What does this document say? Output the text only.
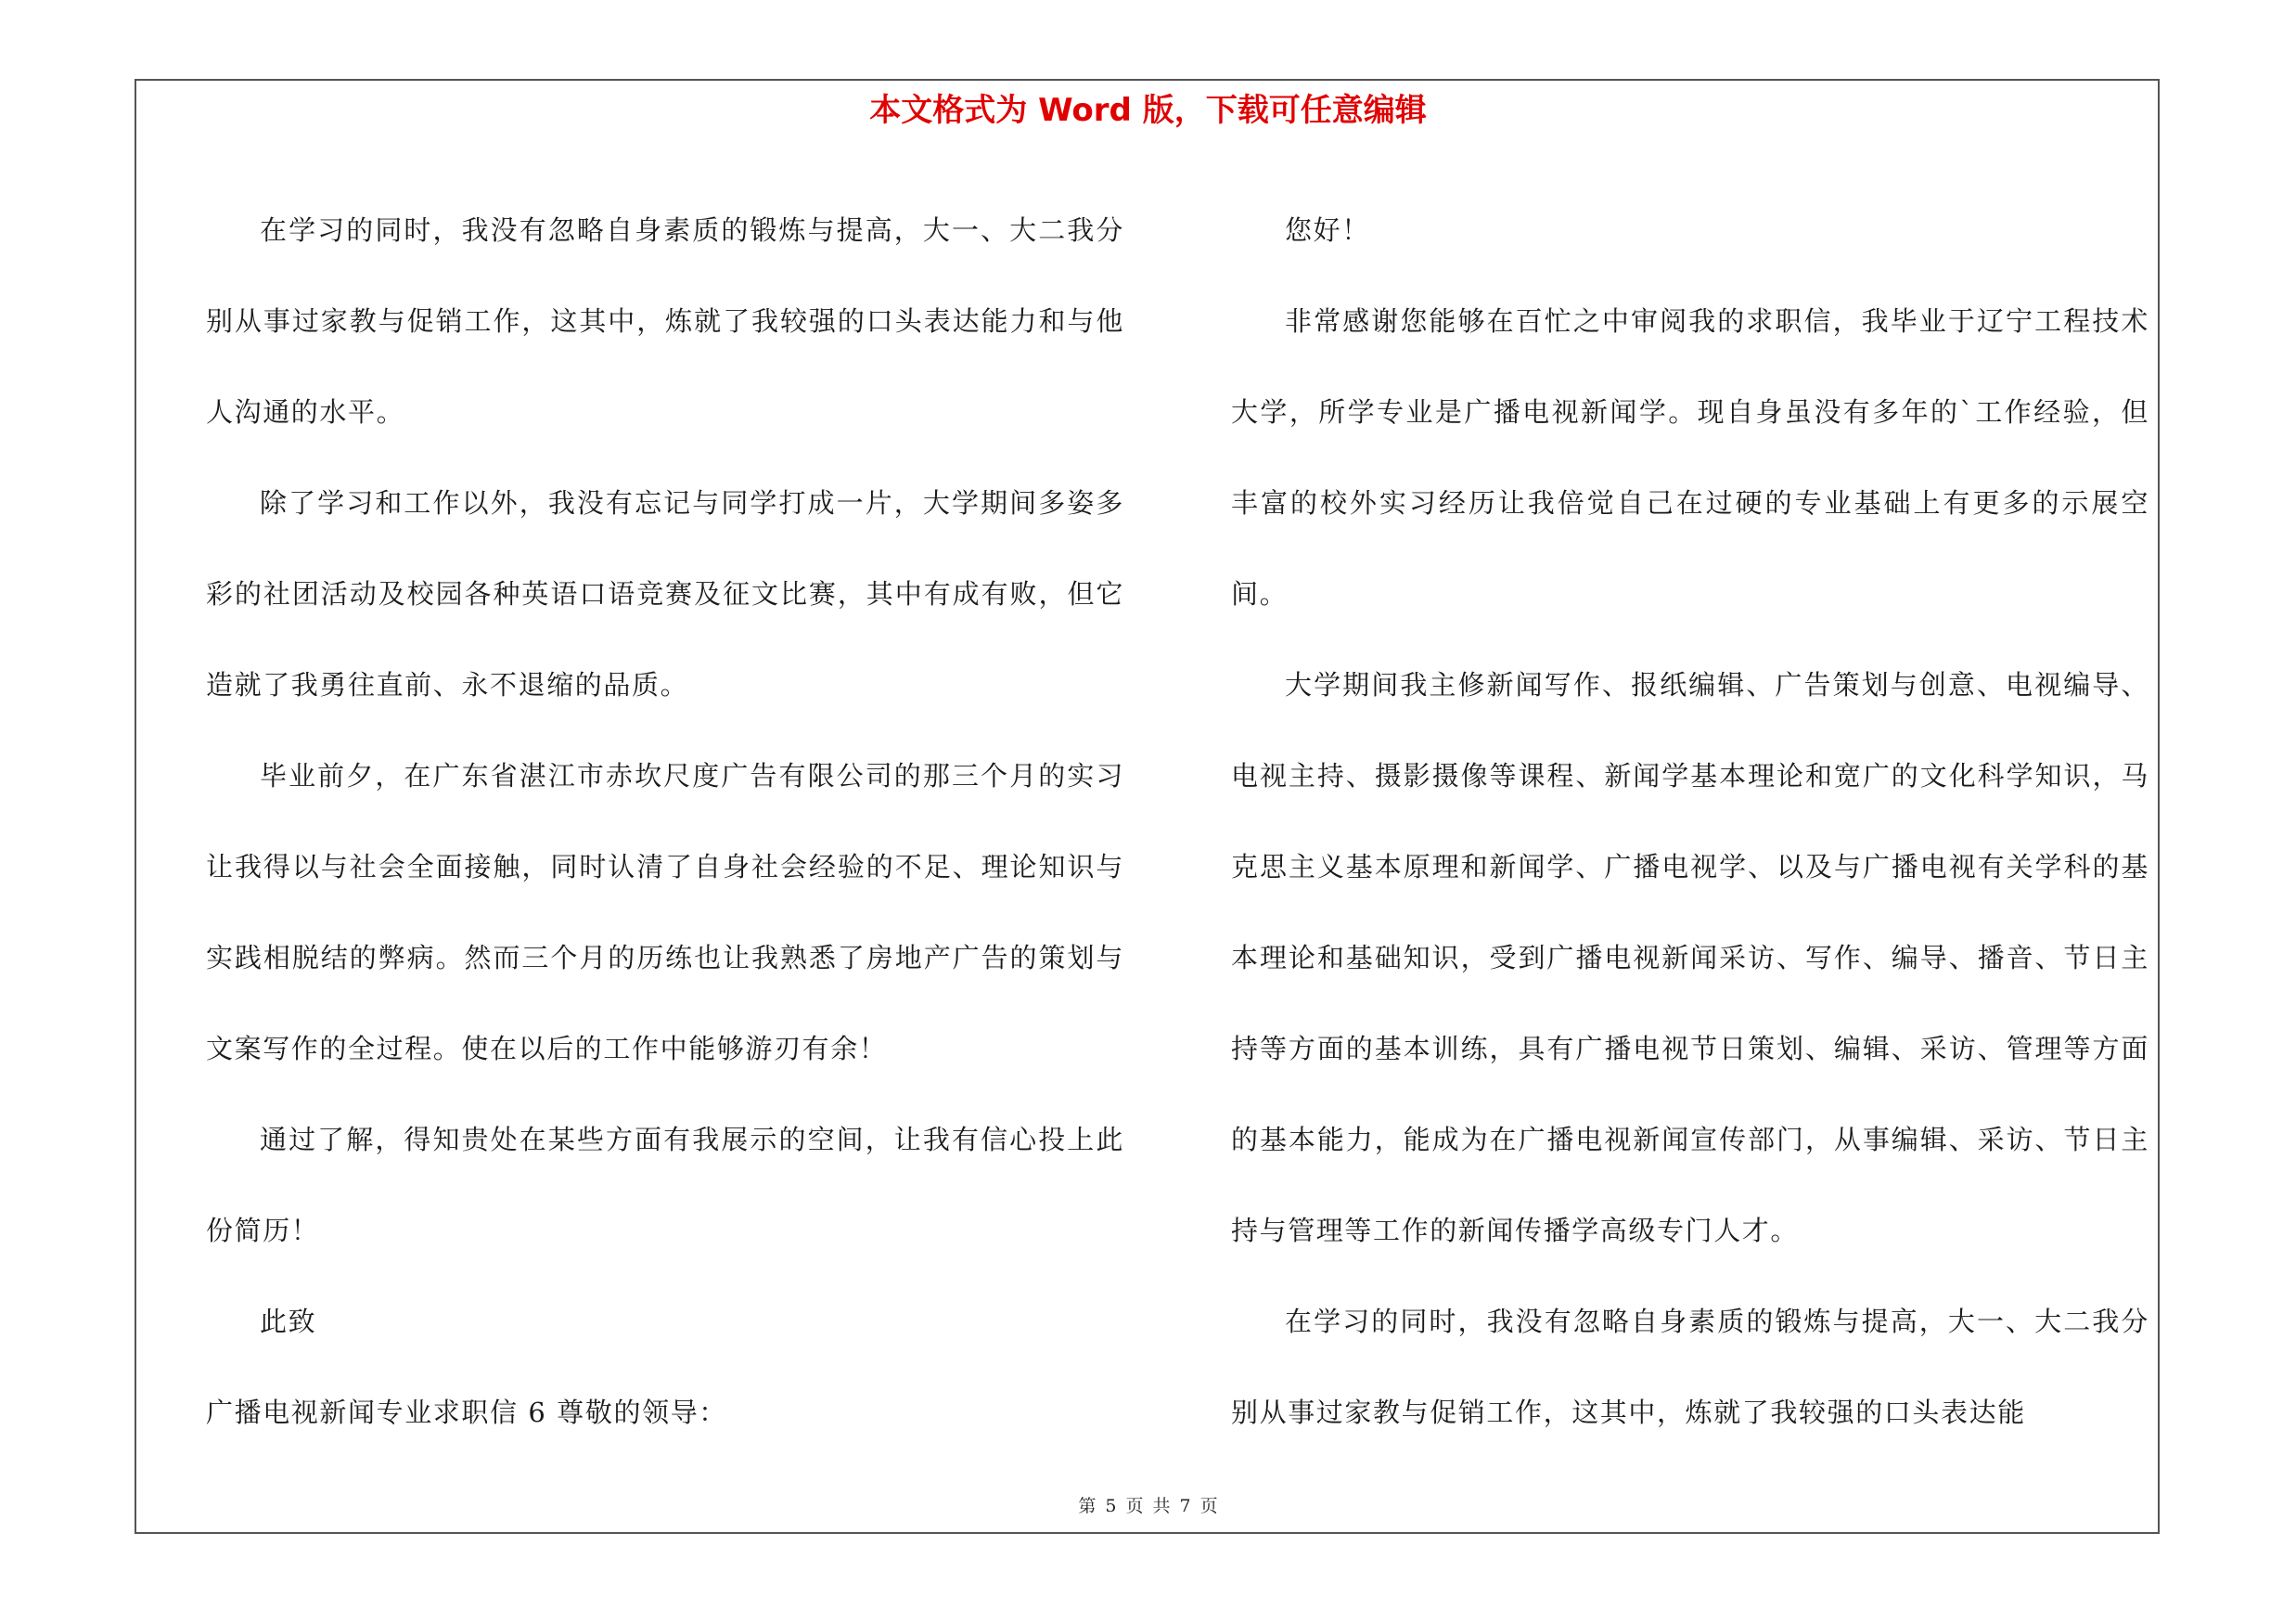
本文格式为 Word 版，下载可任意编辑

在学习的同时，我没有忽略自身素质的锻炼与提高，大一、大二我分别从事过家教与促销工作，这其中，炼就了我较强的口头表达能力和与他人沟通的水平。

除了学习和工作以外，我没有忘记与同学打成一片，大学期间多姿多彩的社团活动及校园各种英语口语竞赛及征文比赛，其中有成有败，但它造就了我勇往直前、永不退缩的品质。

毕业前夕，在广东省湛江市赤坎尺度广告有限公司的那三个月的实习让我得以与社会全面接触，同时认清了自身社会经验的不足、理论知识与实践相脱结的弊病。然而三个月的历练也让我熟悉了房地产广告的策划与文案写作的全过程。使在以后的工作中能够游刃有余！

通过了解，得知贵处在某些方面有我展示的空间，让我有信心投上此份简历！

此致

广播电视新闻专业求职信 6 尊敬的领导：

您好！

非常感谢您能够在百忙之中审阅我的求职信，我毕业于辽宁工程技术大学，所学专业是广播电视新闻学。现自身虽没有多年的`工作经验，但丰富的校外实习经历让我倍觉自己在过硬的专业基础上有更多的示展空间。

大学期间我主修新闻写作、报纸编辑、广告策划与创意、电视编导、电视主持、摄影摄像等课程、新闻学基本理论和宽广的文化科学知识，马克思主义基本原理和新闻学、广播电视学、以及与广播电视有关学科的基本理论和基础知识，受到广播电视新闻采访、写作、编导、播音、节日主持等方面的基本训练，具有广播电视节日策划、编辑、采访、管理等方面的基本能力，能成为在广播电视新闻宣传部门，从事编辑、采访、节日主持与管理等工作的新闻传播学高级专门人才。

在学习的同时，我没有忽略自身素质的锻炼与提高，大一、大二我分别从事过家教与促销工作，这其中，炼就了我较强的口头表达能

第 5 页 共 7 页
